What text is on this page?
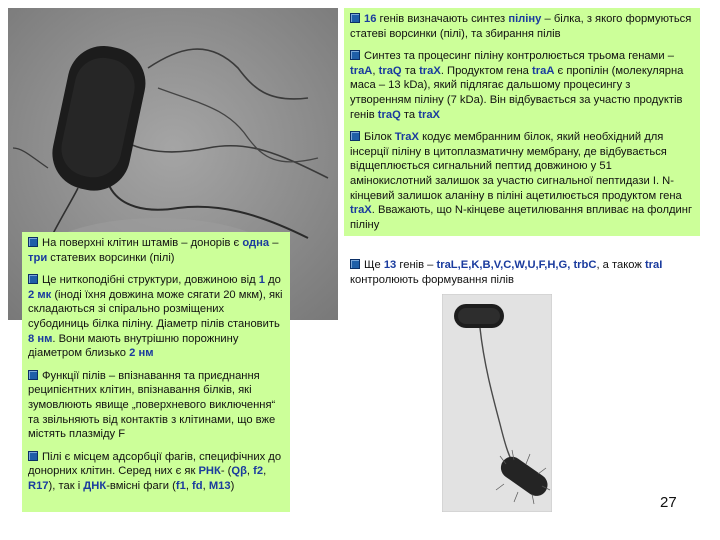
16 генів визначають синтез піліну – білка, з якого формуються статеві ворсинки (пілі), та збирання пілів

Синтез та процесинг піліну контролюється трьома генами – traA, traQ та traX. Продуктом гена traA є пропілін (молекулярна маса – 13 kDa), який підлягає дальшому процесингу з утворенням піліну (7 kDa). Він відбувається за участю продуктів генів traQ та traX

Білок TraX кодує мембранним білок, який необхідний для інсерції піліну в цитоплазматичну мембрану, де відбувається відщеплюється сигнальний пептид довжиною у 51 амінокислотний залишок за участю сигнальної пептидази І. N-кінцевий залишок аланіну в піліні ацетилюється продуктом гена traX. Вважають, що N-кінцеве ацетилювання впливає на фолдинг піліну

Ще 13 генів – traL,E,K,B,V,C,W,U,F,H,G, trbC, а також traI контролюють формування пілів

На поверхні клітин штамів – донорів є одна – три статевих ворсинки (пілі)

Це ниткоподібні структури, довжиною від 1 до 2 мк (іноді їхня довжина може сягати 20 мкм), які складаються зі спірально розміщених субодиниць білка піліну. Діаметр пілів становить 8 нм. Вони мають внутрішню порожнину діаметром близько 2 нм

Функції пілів – впізнавання та приєднання реципієнтних клітин, впізнавання білків, які зумовлюють явище „поверхневого виключення“ та звільняють від контактів з клітинами, що вже містять плазміду F

Пілі є місцем адсорбції фагів, специфічних до донорних клітин. Серед них є як РНК- (Qβ, f2, R17), так і ДНК-вмісні фаги (f1, fd, M13)

27
